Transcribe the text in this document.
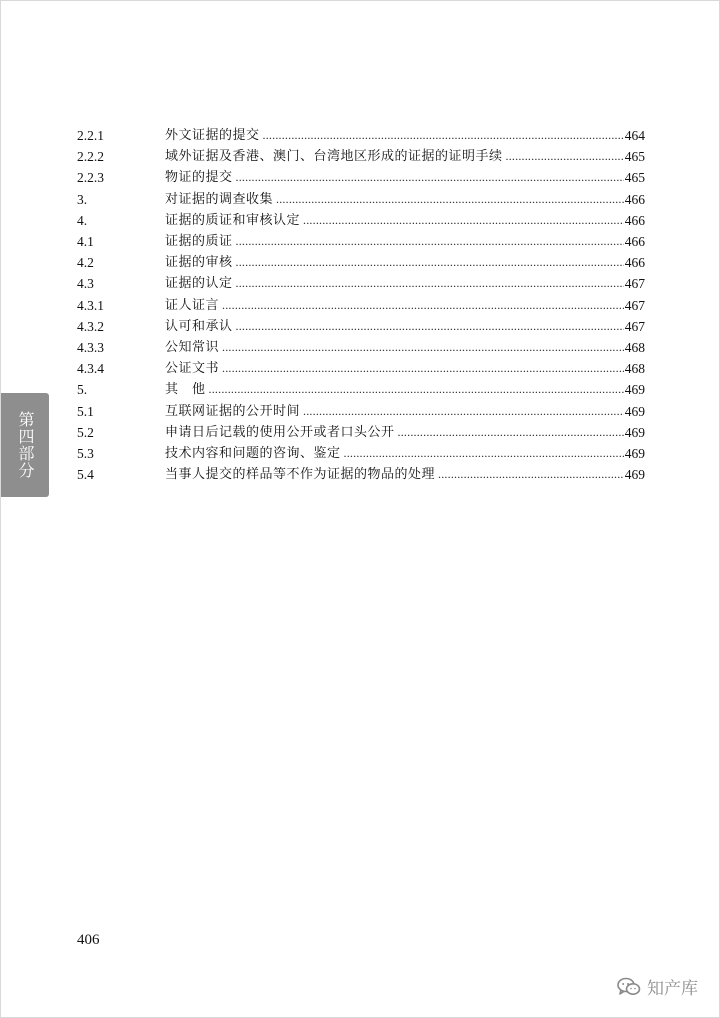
2.2.1	外文证据的提交 .....	464
2.2.2	域外证据及香港、澳门、台湾地区形成的证据的证明手续 .....	465
2.2.3	物证的提交 .....	465
3.	对证据的调查收集 .....	466
4.	证据的质证和审核认定 .....	466
4.1	证据的质证 .....	466
4.2	证据的审核 .....	466
4.3	证据的认定 .....	467
4.3.1	证人证言 .....	467
4.3.2	认可和承认 .....	467
4.3.3	公知常识 .....	468
4.3.4	公证文书 .....	468
5.	其　他 .....	469
5.1	互联网证据的公开时间 .....	469
5.2	申请日后记载的使用公开或者口头公开 .....	469
5.3	技术内容和问题的咨询、鉴定 .....	469
5.4	当事人提交的样品等不作为证据的物品的处理 .....	469
第四部分
406
知产库
